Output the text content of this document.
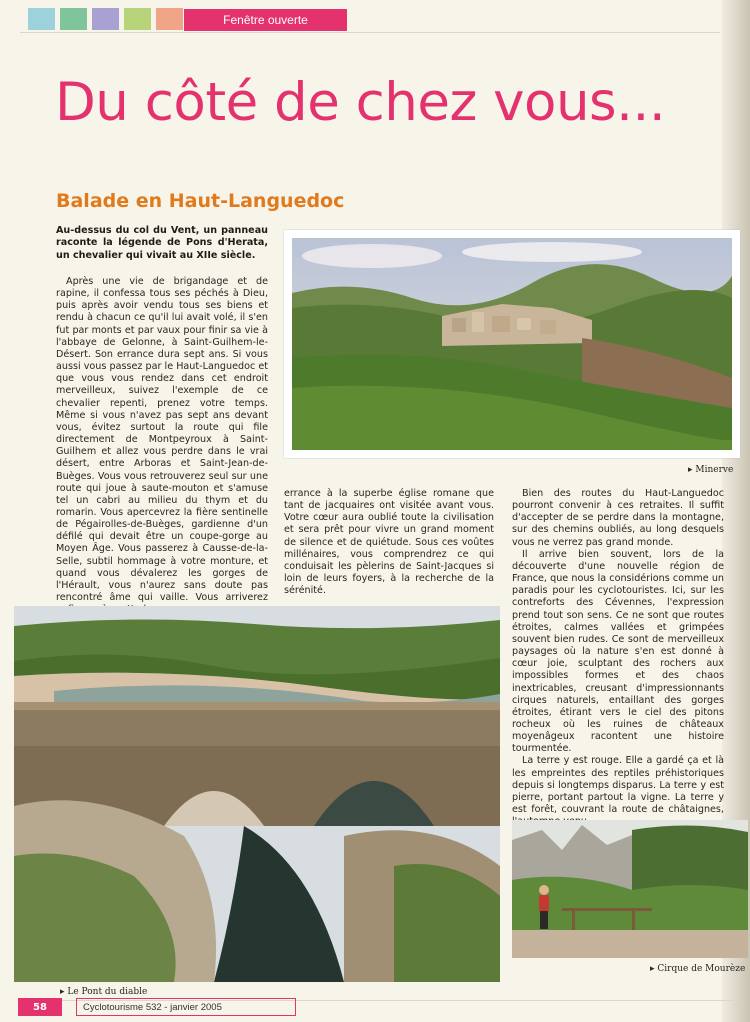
Fenêtre ouverte
Du côté de chez vous...
Balade en Haut-Languedoc
Au-dessus du col du Vent, un panneau raconte la légende de Pons d'Herata, un chevalier qui vivait au XIIe siècle.

Après une vie de brigandage et de rapine, il confessa tous ses péchés à Dieu, puis après avoir vendu tous ses biens et rendu à chacun ce qu'il lui avait volé, il s'en fut par monts et par vaux pour finir sa vie à l'abbaye de Gelonne, à Saint-Guilhem-le-Désert. Son errance dura sept ans. Si vous aussi vous passez par le Haut-Languedoc et que vous vous rendez dans cet endroit merveilleux, suivez l'exemple de ce chevalier repenti, prenez votre temps. Même si vous n'avez pas sept ans devant vous, évitez surtout la route qui file directement de Montpeyroux à Saint-Guilhem et allez vous perdre dans le vrai désert, entre Arboras et Saint-Jean-de-Buèges. Vous vous retrouverez seul sur une route qui joue à saute-mouton et s'amuse tel un cabri au milieu du thym et du romarin. Vous apercevrez la fière sentinelle de Pégairolles-de-Buèges, gardienne d'un défilé qui devait être un coupe-gorge au Moyen Âge. Vous passerez à Causse-de-la-Selle, subtil hommage à votre monture, et quand vous dévalerez les gorges de l'Hérault, vous n'aurez sans doute pas rencontré âme qui vaille. Vous arriverez

errance à la superbe église romane que tant de jacquaires ont visitée avant vous. Votre cœur aura oublié toute la civilisation et sera prêt pour vivre un grand moment de silence et de quiétude. Sous ces voûtes millénaires, vous comprendrez ce qui conduisait les pèlerins de Saint-Jacques si loin de leurs foyers, à la recherche de la sérénité.

Bien des routes du Haut-Languedoc pourront convenir à ces retraites. Il suffit d'accepter de se perdre dans la montagne, sur des chemins oubliés, au long desquels vous ne verrez pas grand monde.

Il arrive bien souvent, lors de la découverte d'une nouvelle région de France, que nous la considérions comme un paradis pour les cyclotouristes. Ici, sur les contreforts des Cévennes, l'expression prend tout son sens. Ce ne sont que routes étroites, calmes vallées et grimpées souvent bien rudes. Ce sont de merveilleux paysages où la nature s'en est donné à cœur joie, sculptant des rochers aux impossibles formes et des chaos inextricables, creusant d'impressionnants cirques naturels, entaillant des gorges étroites, étirant vers le ciel des pitons rocheux où les ruines de châteaux moyenâgeux racontent une histoire tourmentée.

La terre y est rouge. Elle a gardé ça et là les empreintes des reptiles préhistoriques depuis si longtemps disparus. La terre y est pierre, portant partout la vigne. La terre y est forêt, couvrant la route de châtaignes,

▸ Minerve
▸ Le Pont du diable
▸ Cirque de Mourèze
58	Cyclotourisme 532 - janvier 2005
